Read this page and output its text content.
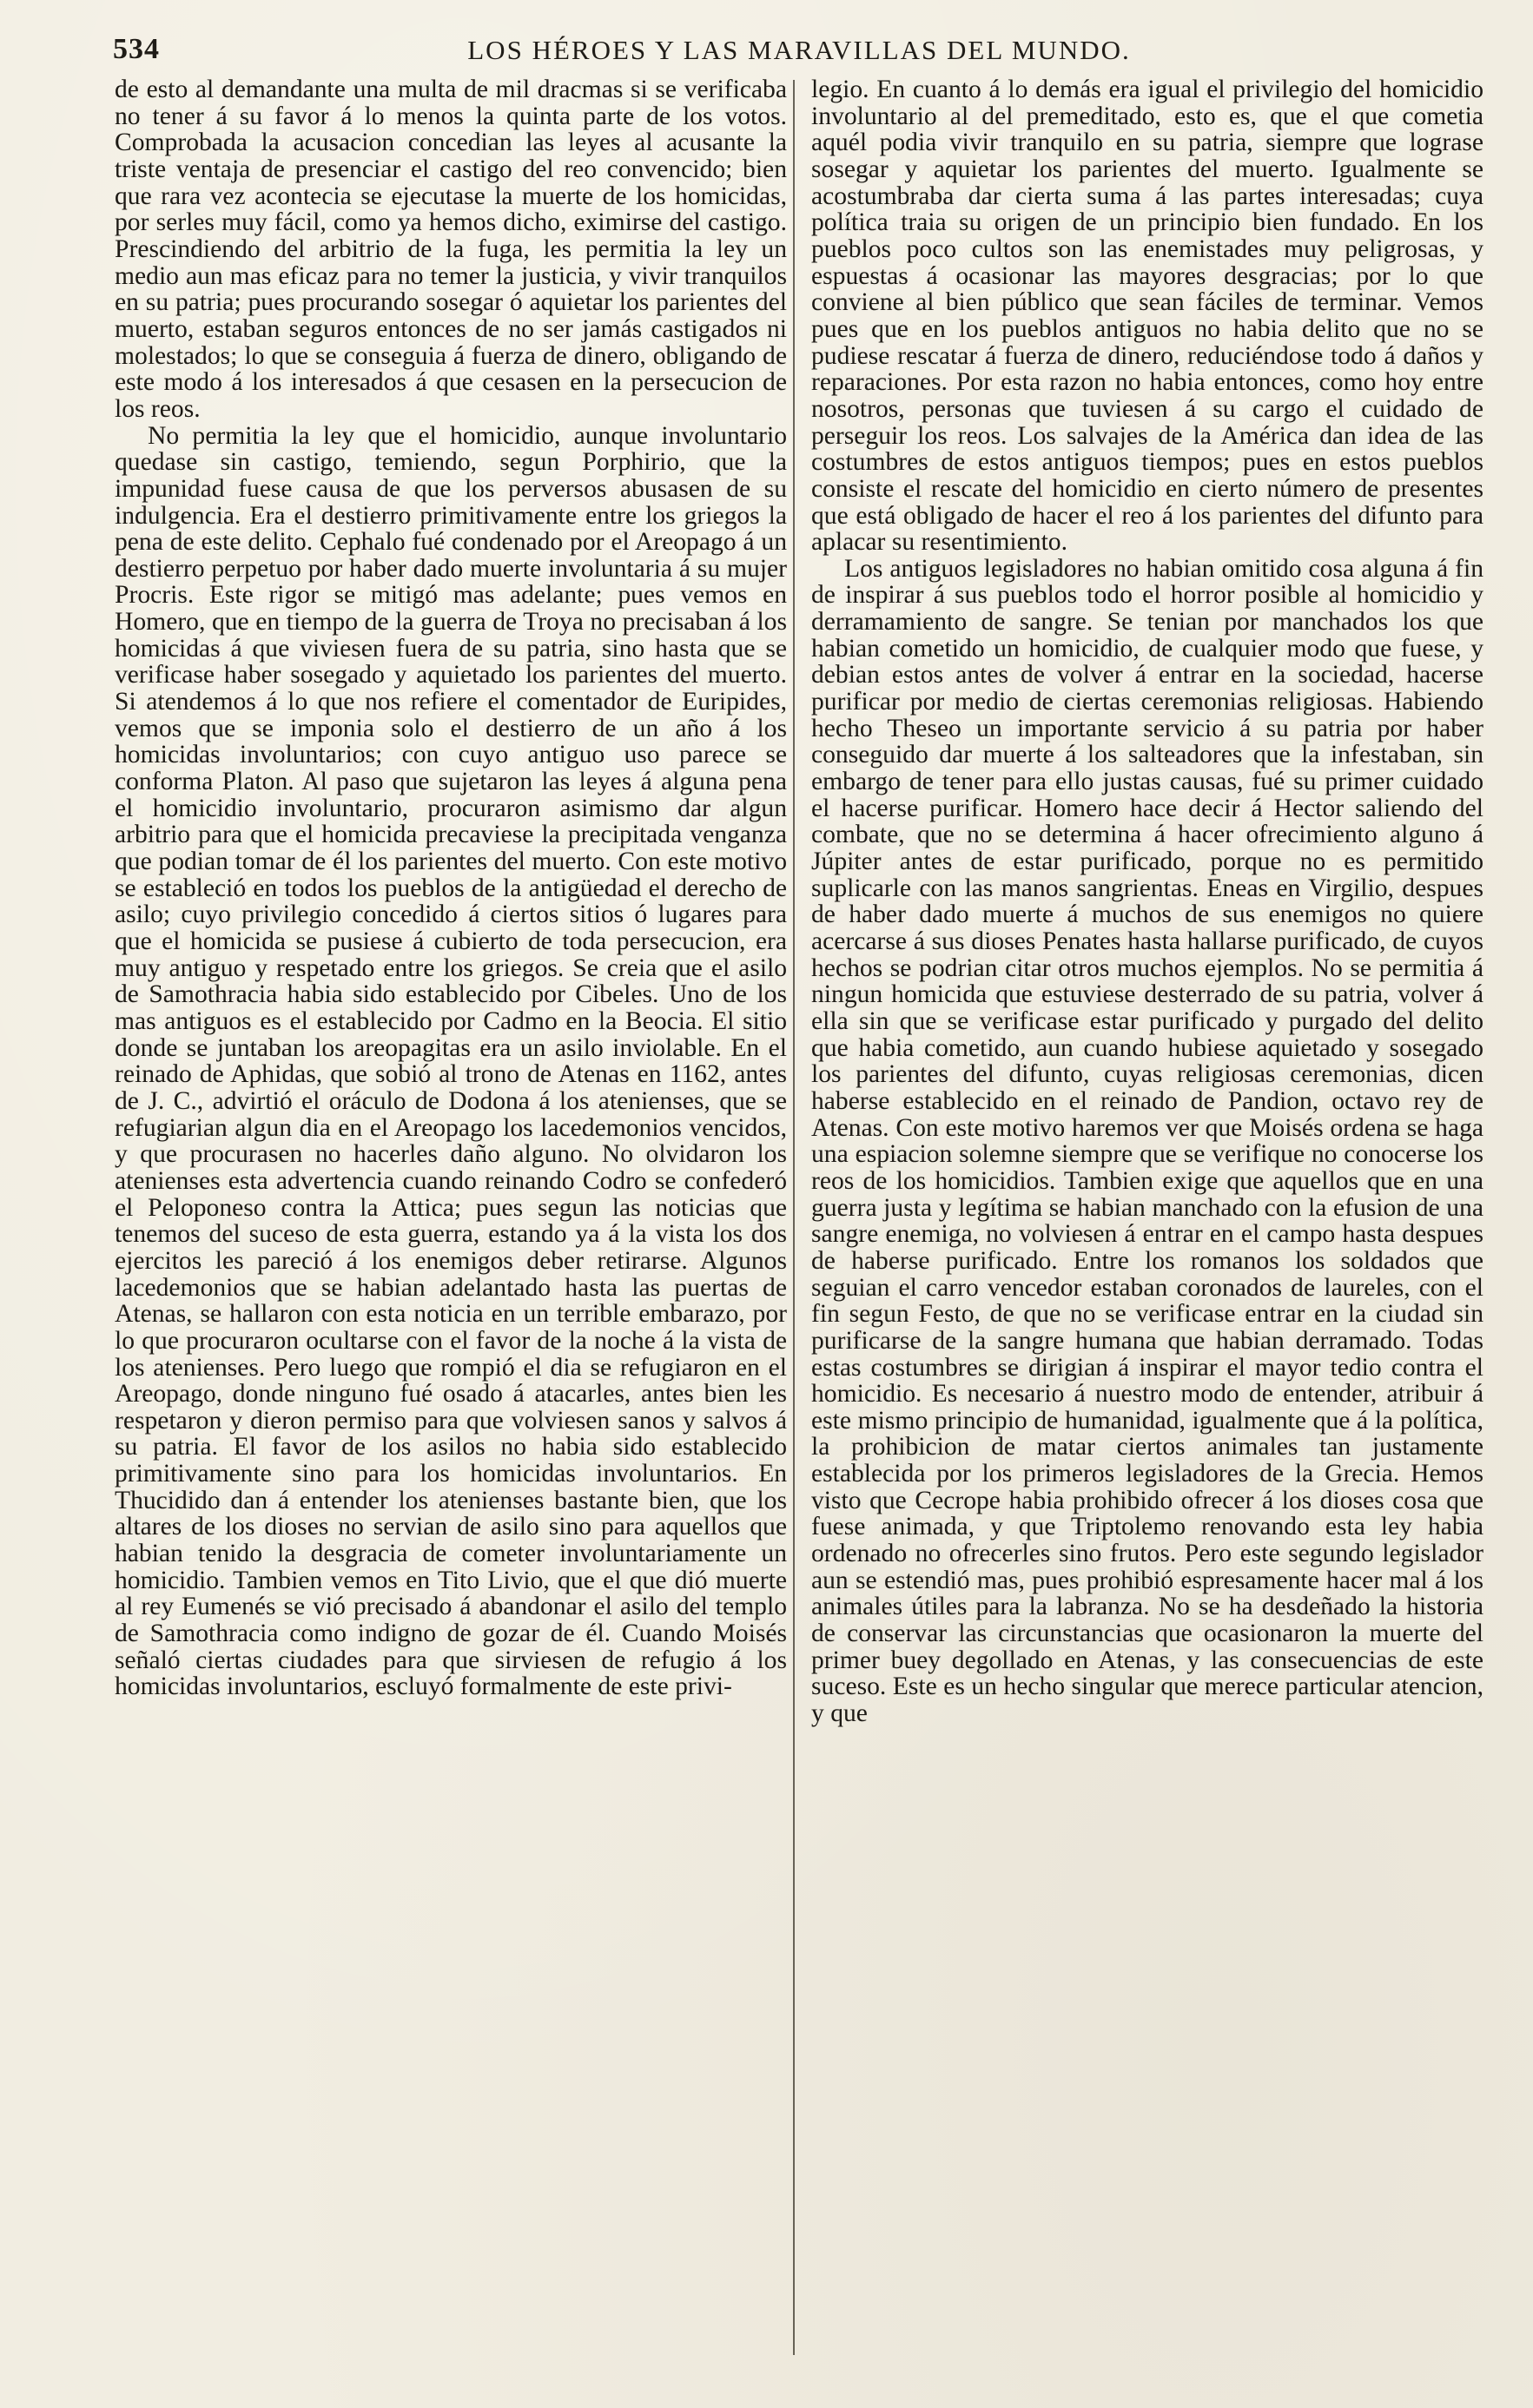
534	LOS HÉROES Y LAS MARAVILLAS DEL MUNDO.

de esto al demandante una multa de mil dracmas si se verificaba no tener á su favor á lo menos la quinta parte de los votos. Comprobada la acusacion concedian las leyes al acusante la triste ventaja de presenciar el castigo del reo convencido; bien que rara vez acontecia se ejecutase la muerte de los homicidas, por serles muy fácil, como ya hemos dicho, eximirse del castigo. Prescindiendo del arbitrio de la fuga, les permitia la ley un medio aun mas eficaz para no temer la justicia, y vivir tranquilos en su patria; pues procurando sosegar ó aquietar los parientes del muerto, estaban seguros entonces de no ser jamás castigados ni molestados; lo que se conseguia á fuerza de dinero, obligando de este modo á los interesados á que cesasen en la persecucion de los reos.

No permitia la ley que el homicidio, aunque involuntario quedase sin castigo, temiendo, segun Porphirio, que la impunidad fuese causa de que los perversos abusasen de su indulgencia. Era el destierro primitivamente entre los griegos la pena de este delito. Cephalo fué condenado por el Areopago á un destierro perpetuo por haber dado muerte involuntaria á su mujer Procris. Este rigor se mitigó mas adelante; pues vemos en Homero, que en tiempo de la guerra de Troya no precisaban á los homicidas á que viviesen fuera de su patria, sino hasta que se verificase haber sosegado y aquietado los parientes del muerto. Si atendemos á lo que nos refiere el comentador de Euripides, vemos que se imponia solo el destierro de un año á los homicidas involuntarios; con cuyo antiguo uso parece se conforma Platon. Al paso que sujetaron las leyes á alguna pena el homicidio involuntario, procuraron asimismo dar algun arbitrio para que el homicida precaviese la precipitada venganza que podian tomar de él los parientes del muerto. Con este motivo se estableció en todos los pueblos de la antigüedad el derecho de asilo; cuyo privilegio concedido á ciertos sitios ó lugares para que el homicida se pusiese á cubierto de toda persecucion, era muy antiguo y respetado entre los griegos. Se creia que el asilo de Samothracia habia sido establecido por Cibeles. Uno de los mas antiguos es el establecido por Cadmo en la Beocia. El sitio donde se juntaban los areopagitas era un asilo inviolable. En el reinado de Aphidas, que sobió al trono de Atenas en 1162, antes de J. C., advirtió el oráculo de Dodona á los atenienses, que se refugiarian algun dia en el Areopago los lacedemonios vencidos, y que procurasen no hacerles daño alguno. No olvidaron los atenienses esta advertencia cuando reinando Codro se confederó el Peloponeso contra la Attica; pues segun las noticias que tenemos del suceso de esta guerra, estando ya á la vista los dos ejercitos les pareció á los enemigos deber retirarse. Algunos lacedemonios que se habian adelantado hasta las puertas de Atenas, se hallaron con esta noticia en un terrible embarazo, por lo que procuraron ocultarse con el favor de la noche á la vista de los atenienses. Pero luego que rompió el dia se refugiaron en el Areopago, donde ninguno fué osado á atacarles, antes bien les respetaron y dieron permiso para que volviesen sanos y salvos á su patria. El favor de los asilos no habia sido establecido primitivamente sino para los homicidas involuntarios. En Thucidido dan á entender los atenienses bastante bien, que los altares de los dioses no servian de asilo sino para aquellos que habian tenido la desgracia de cometer involuntariamente un homicidio. Tambien vemos en Tito Livio, que el que dió muerte al rey Eumenés se vió precisado á abandonar el asilo del templo de Samothracia como indigno de gozar de él. Cuando Moisés señaló ciertas ciudades para que sirviesen de refugio á los homicidas involuntarios, escluyó formalmente de este privi-

legio. En cuanto á lo demás era igual el privilegio del homicidio involuntario al del premeditado, esto es, que el que cometia aquél podia vivir tranquilo en su patria, siempre que lograse sosegar y aquietar los parientes del muerto. Igualmente se acostumbraba dar cierta suma á las partes interesadas; cuya política traia su origen de un principio bien fundado. En los pueblos poco cultos son las enemistades muy peligrosas, y espuestas á ocasionar las mayores desgracias; por lo que conviene al bien público que sean fáciles de terminar. Vemos pues que en los pueblos antiguos no habia delito que no se pudiese rescatar á fuerza de dinero, reduciéndose todo á daños y reparaciones. Por esta razon no habia entonces, como hoy entre nosotros, personas que tuviesen á su cargo el cuidado de perseguir los reos. Los salvajes de la América dan idea de las costumbres de estos antiguos tiempos; pues en estos pueblos consiste el rescate del homicidio en cierto número de presentes que está obligado de hacer el reo á los parientes del difunto para aplacar su resentimiento.

Los antiguos legisladores no habian omitido cosa alguna á fin de inspirar á sus pueblos todo el horror posible al homicidio y derramamiento de sangre. Se tenian por manchados los que habian cometido un homicidio, de cualquier modo que fuese, y debian estos antes de volver á entrar en la sociedad, hacerse purificar por medio de ciertas ceremonias religiosas. Habiendo hecho Theseo un importante servicio á su patria por haber conseguido dar muerte á los salteadores que la infestaban, sin embargo de tener para ello justas causas, fué su primer cuidado el hacerse purificar. Homero hace decir á Hector saliendo del combate, que no se determina á hacer ofrecimiento alguno á Júpiter antes de estar purificado, porque no es permitido suplicarle con las manos sangrientas. Eneas en Virgilio, despues de haber dado muerte á muchos de sus enemigos no quiere acercarse á sus dioses Penates hasta hallarse purificado, de cuyos hechos se podrian citar otros muchos ejemplos. No se permitia á ningun homicida que estuviese desterrado de su patria, volver á ella sin que se verificase estar purificado y purgado del delito que habia cometido, aun cuando hubiese aquietado y sosegado los parientes del difunto, cuyas religiosas ceremonias, dicen haberse establecido en el reinado de Pandion, octavo rey de Atenas. Con este motivo haremos ver que Moisés ordena se haga una espiacion solemne siempre que se verifique no conocerse los reos de los homicidios. Tambien exige que aquellos que en una guerra justa y legítima se habian manchado con la efusion de una sangre enemiga, no volviesen á entrar en el campo hasta despues de haberse purificado. Entre los romanos los soldados que seguian el carro vencedor estaban coronados de laureles, con el fin segun Festo, de que no se verificase entrar en la ciudad sin purificarse de la sangre humana que habian derramado. Todas estas costumbres se dirigian á inspirar el mayor tedio contra el homicidio. Es necesario á nuestro modo de entender, atribuir á este mismo principio de humanidad, igualmente que á la política, la prohibicion de matar ciertos animales tan justamente establecida por los primeros legisladores de la Grecia. Hemos visto que Cecrope habia prohibido ofrecer á los dioses cosa que fuese animada, y que Triptolemo renovando esta ley habia ordenado no ofrecerles sino frutos. Pero este segundo legislador aun se estendió mas, pues prohibió espresamente hacer mal á los animales útiles para la labranza. No se ha desdeñado la historia de conservar las circunstancias que ocasionaron la muerte del primer buey degollado en Atenas, y las consecuencias de este suceso. Este es un hecho singular que merece particular atencion, y que
